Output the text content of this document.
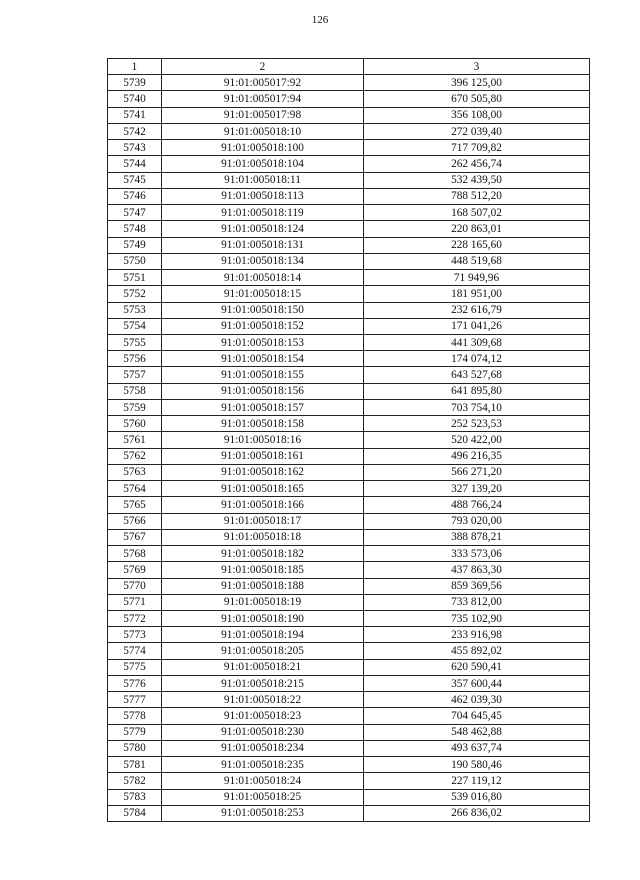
126
1	2	3
5739	91:01:005017:92	396 125,00
5740	91:01:005017:94	670 505,80
5741	91:01:005017:98	356 108,00
5742	91:01:005018:10	272 039,40
5743	91:01:005018:100	717 709,82
5744	91:01:005018:104	262 456,74
5745	91:01:005018:11	532 439,50
5746	91:01:005018:113	788 512,20
5747	91:01:005018:119	168 507,02
5748	91:01:005018:124	220 863,01
5749	91:01:005018:131	228 165,60
5750	91:01:005018:134	448 519,68
5751	91:01:005018:14	71 949,96
5752	91:01:005018:15	181 951,00
5753	91:01:005018:150	232 616,79
5754	91:01:005018:152	171 041,26
5755	91:01:005018:153	441 309,68
5756	91:01:005018:154	174 074,12
5757	91:01:005018:155	643 527,68
5758	91:01:005018:156	641 895,80
5759	91:01:005018:157	703 754,10
5760	91:01:005018:158	252 523,53
5761	91:01:005018:16	520 422,00
5762	91:01:005018:161	496 216,35
5763	91:01:005018:162	566 271,20
5764	91:01:005018:165	327 139,20
5765	91:01:005018:166	488 766,24
5766	91:01:005018:17	793 020,00
5767	91:01:005018:18	388 878,21
5768	91:01:005018:182	333 573,06
5769	91:01:005018:185	437 863,30
5770	91:01:005018:188	859 369,56
5771	91:01:005018:19	733 812,00
5772	91:01:005018:190	735 102,90
5773	91:01:005018:194	233 916,98
5774	91:01:005018:205	455 892,02
5775	91:01:005018:21	620 590,41
5776	91:01:005018:215	357 600,44
5777	91:01:005018:22	462 039,30
5778	91:01:005018:23	704 645,45
5779	91:01:005018:230	548 462,88
5780	91:01:005018:234	493 637,74
5781	91:01:005018:235	190 580,46
5782	91:01:005018:24	227 119,12
5783	91:01:005018:25	539 016,80
5784	91:01:005018:253	266 836,02
